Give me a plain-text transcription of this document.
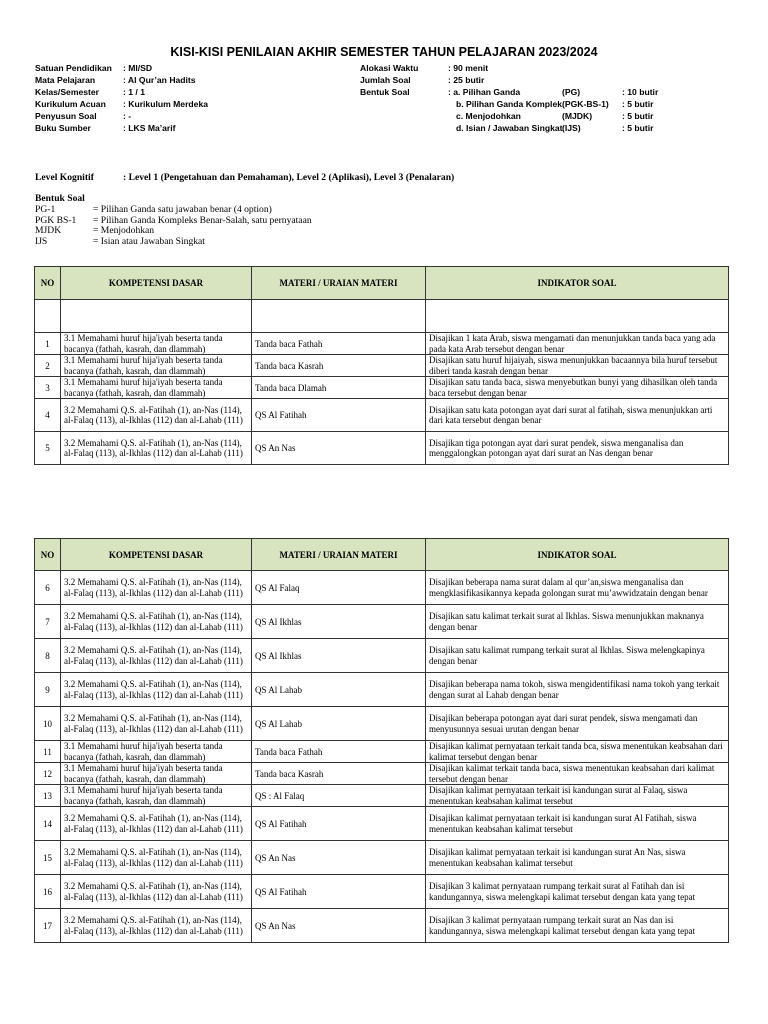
KISI-KISI PENILAIAN AKHIR SEMESTER TAHUN PELAJARAN 2023/2024
Satuan Pendidikan : MI/SD
Mata Pelajaran	: Al Qur’an Hadits
Kelas/Semester	: 1 / 1
Kurikulum Acuan : Kurikulum Merdeka
Penyusun Soal	: -
Buku Sumber	: LKS Ma’arif
Alokasi Waktu	: 90 menit
Jumlah Soal	: 25 butir
Bentuk Soal	: a. Pilihan Ganda	(PG)	: 10 butir
b. Pilihan Ganda Komplek(PGK-BS-1) : 5 butir
c. Menjodohkan	(MJDK)	: 5 butir
d. Isian / Jawaban Singkat(IJS)	: 5 butir
Level Kognitif	: Level 1 (Pengetahuan dan Pemahaman), Level 2 (Aplikasi), Level 3 (Penalaran)
Bentuk Soal
PG-1	= Pilihan Ganda satu jawaban benar (4 option)
PGK BS-1 = Pilihan Ganda Kompleks Benar-Salah, satu pernyataan
MJDK	= Menjodohkan
IJS	= Isian atau Jawaban Singkat
NO	KOMPETENSI DASAR	MATERI / URAIAN MATERI	INDIKATOR SOAL

1	3.1 Memahami huruf hija'iyah beserta tanda bacanya (fathah, kasrah, dan dlammah)	Tanda baca Fathah	Disajikan 1 kata Arab, siswa mengamati dan menunjukkan tanda baca yang ada pada kata Arab tersebut dengan benar
2	3.1 Memahami huruf hija'iyah beserta tanda bacanya (fathah, kasrah, dan dlammah)	Tanda baca Kasrah	Disajikan satu huruf hijaiyah, siswa menunjukkan bacaannya bila huruf tersebut diberi tanda kasrah dengan benar
3	3.1 Memahami huruf hija'iyah beserta tanda bacanya (fathah, kasrah, dan dlammah)	Tanda baca Dlamah	Disajikan satu tanda baca, siswa menyebutkan bunyi yang dihasilkan oleh tanda baca tersebut dengan benar
4	3.2 Memahami Q.S. al-Fatihah (1), an-Nas (114), al-Falaq (113), al-Ikhlas (112) dan al-Lahab (111)	QS Al Fatihah	Disajikan satu kata potongan ayat dari surat al fatihah, siswa menunjukkan arti dari kata tersebut dengan benar
5	3.2 Memahami Q.S. al-Fatihah (1), an-Nas (114), al-Falaq (113), al-Ikhlas (112) dan al-Lahab (111)	QS An Nas	Disajikan tiga potongan ayat dari surat pendek, siswa menganalisa dan menggalongkan potongan ayat dari surat an Nas dengan benar
NO	KOMPETENSI DASAR	MATERI / URAIAN MATERI	INDIKATOR SOAL
6	3.2 Memahami Q.S. al-Fatihah (1), an-Nas (114), al-Falaq (113), al-Ikhlas (112) dan al-Lahab (111)	QS Al Falaq	Disajikan beberapa nama surat dalam al qur’an,siswa menganalisa dan mengklasifikasikannya kepada golongan surat mu’awwidzatain dengan benar
7	3.2 Memahami Q.S. al-Fatihah (1), an-Nas (114), al-Falaq (113), al-Ikhlas (112) dan al-Lahab (111)	QS Al Ikhlas	Disajikan satu kalimat terkait surat al Ikhlas. Siswa menunjukkan maknanya dengan benar
8	3.2 Memahami Q.S. al-Fatihah (1), an-Nas (114), al-Falaq (113), al-Ikhlas (112) dan al-Lahab (111)	QS Al Ikhlas	Disajikan satu kalimat rumpang terkait surat al Ikhlas. Siswa melengkapinya dengan benar
9	3.2 Memahami Q.S. al-Fatihah (1), an-Nas (114), al-Falaq (113), al-Ikhlas (112) dan al-Lahab (111)	QS Al Lahab	Disajikan beberapa nama tokoh, siswa mengidentifikasi nama tokoh yang terkait dengan surat al Lahab dengan benar
10	3.2 Memahami Q.S. al-Fatihah (1), an-Nas (114), al-Falaq (113), al-Ikhlas (112) dan al-Lahab (111)	QS Al Lahab	Disajikan beberapa potongan ayat dari surat pendek, siswa mengamati dan menyusunnya sesuai urutan dengan benar
11	3.1 Memahami huruf hija'iyah beserta tanda bacanya (fathah, kasrah, dan dlammah)	Tanda baca Fathah	Disajikan kalimat pernyataan terkait tanda bca, siswa menentukan keabsahan dari kalimat tersebut dengan benar
12	3.1 Memahami huruf hija'iyah beserta tanda bacanya (fathah, kasrah, dan dlammah)	Tanda baca Kasrah	Disajikan kalimat terkait tanda baca, siswa menentukan keabsahan dari kalimat tersebut dengan benar
13	3.1 Memahami huruf hija'iyah beserta tanda bacanya (fathah, kasrah, dan dlammah)	QS : Al Falaq	Disajikan kalimat pernyataan terkait isi kandungan surat al Falaq, siswa menentukan keabsahan kalimat tersebut
14	3.2 Memahami Q.S. al-Fatihah (1), an-Nas (114), al-Falaq (113), al-Ikhlas (112) dan al-Lahab (111)	QS Al Fatihah	Disajikan kalimat pernyataan terkait isi kandungan surat Al Fatihah, siswa menentukan keabsahan kalimat tersebut
15	3.2 Memahami Q.S. al-Fatihah (1), an-Nas (114), al-Falaq (113), al-Ikhlas (112) dan al-Lahab (111)	QS An Nas	Disajikan kalimat pernyataan terkait isi kandungan surat An Nas, siswa menentukan keabsahan kalimat tersebut
16	3.2 Memahami Q.S. al-Fatihah (1), an-Nas (114), al-Falaq (113), al-Ikhlas (112) dan al-Lahab (111)	QS Al Fatihah	Disajikan 3 kalimat pernyataan rumpang terkait surat al Fatihah dan isi kandungannya, siswa melengkapi kalimat tersebut dengan kata yang tepat
17	3.2 Memahami Q.S. al-Fatihah (1), an-Nas (114), al-Falaq (113), al-Ikhlas (112) dan al-Lahab (111)	QS An Nas	Disajikan 3 kalimat pernyataan rumpang terkait surat an Nas dan isi kandungannya, siswa melengkapi kalimat tersebut dengan kata yang tepat
